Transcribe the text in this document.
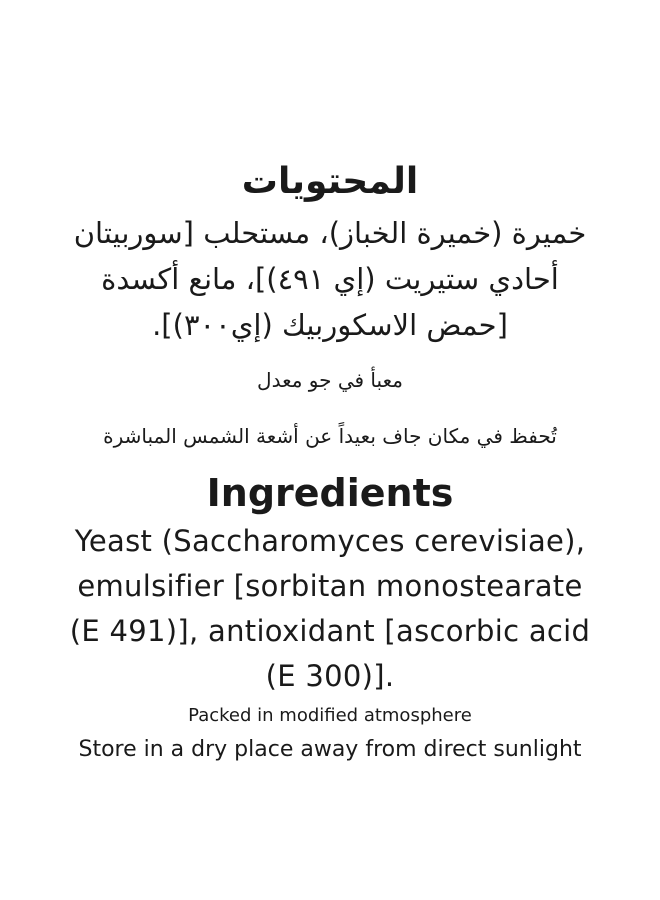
المحتويات
خميرة (خميرة الخباز)، مستحلب [سوربيتان
أحادي ستيريت (إي ٤٩١)]، مانع أكسدة
[حمض الاسكوربيك (إي٣٠٠)].
معبأ في جو معدل
تُحفظ في مكان جاف بعيداً عن أشعة الشمس المباشرة
Ingredients
Yeast (Saccharomyces cerevisiae),
emulsifier [sorbitan monostearate
(E 491)], antioxidant [ascorbic acid
(E 300)].
Packed in modified atmosphere
Store in a dry place away from direct sunlight
